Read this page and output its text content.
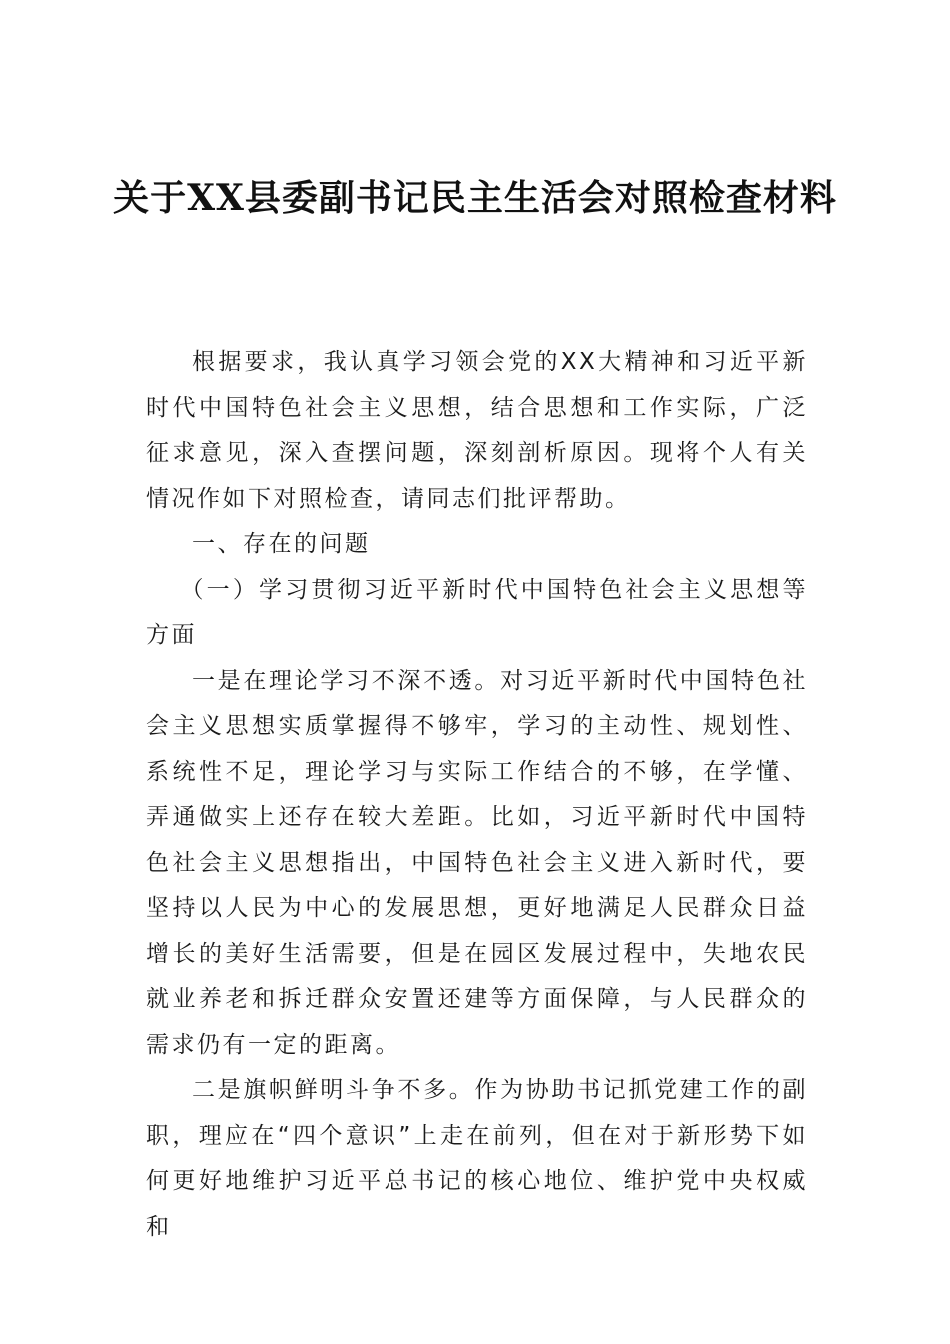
关于XX县委副书记民主生活会对照检查材料

根据要求，我认真学习领会党的XX大精神和习近平新时代中国特色社会主义思想，结合思想和工作实际，广泛征求意见，深入查摆问题，深刻剖析原因。现将个人有关情况作如下对照检查，请同志们批评帮助。

一、存在的问题

（一）学习贯彻习近平新时代中国特色社会主义思想等方面

一是在理论学习不深不透。对习近平新时代中国特色社会主义思想实质掌握得不够牢，学习的主动性、规划性、系统性不足，理论学习与实际工作结合的不够，在学懂、弄通做实上还存在较大差距。比如，习近平新时代中国特色社会主义思想指出，中国特色社会主义进入新时代，要坚持以人民为中心的发展思想，更好地满足人民群众日益增长的美好生活需要，但是在园区发展过程中，失地农民就业养老和拆迁群众安置还建等方面保障，与人民群众的需求仍有一定的距离。

二是旗帜鲜明斗争不多。作为协助书记抓党建工作的副职，理应在“四个意识”上走在前列，但在对于新形势下如何更好地维护习近平总书记的核心地位、维护党中央权威和
